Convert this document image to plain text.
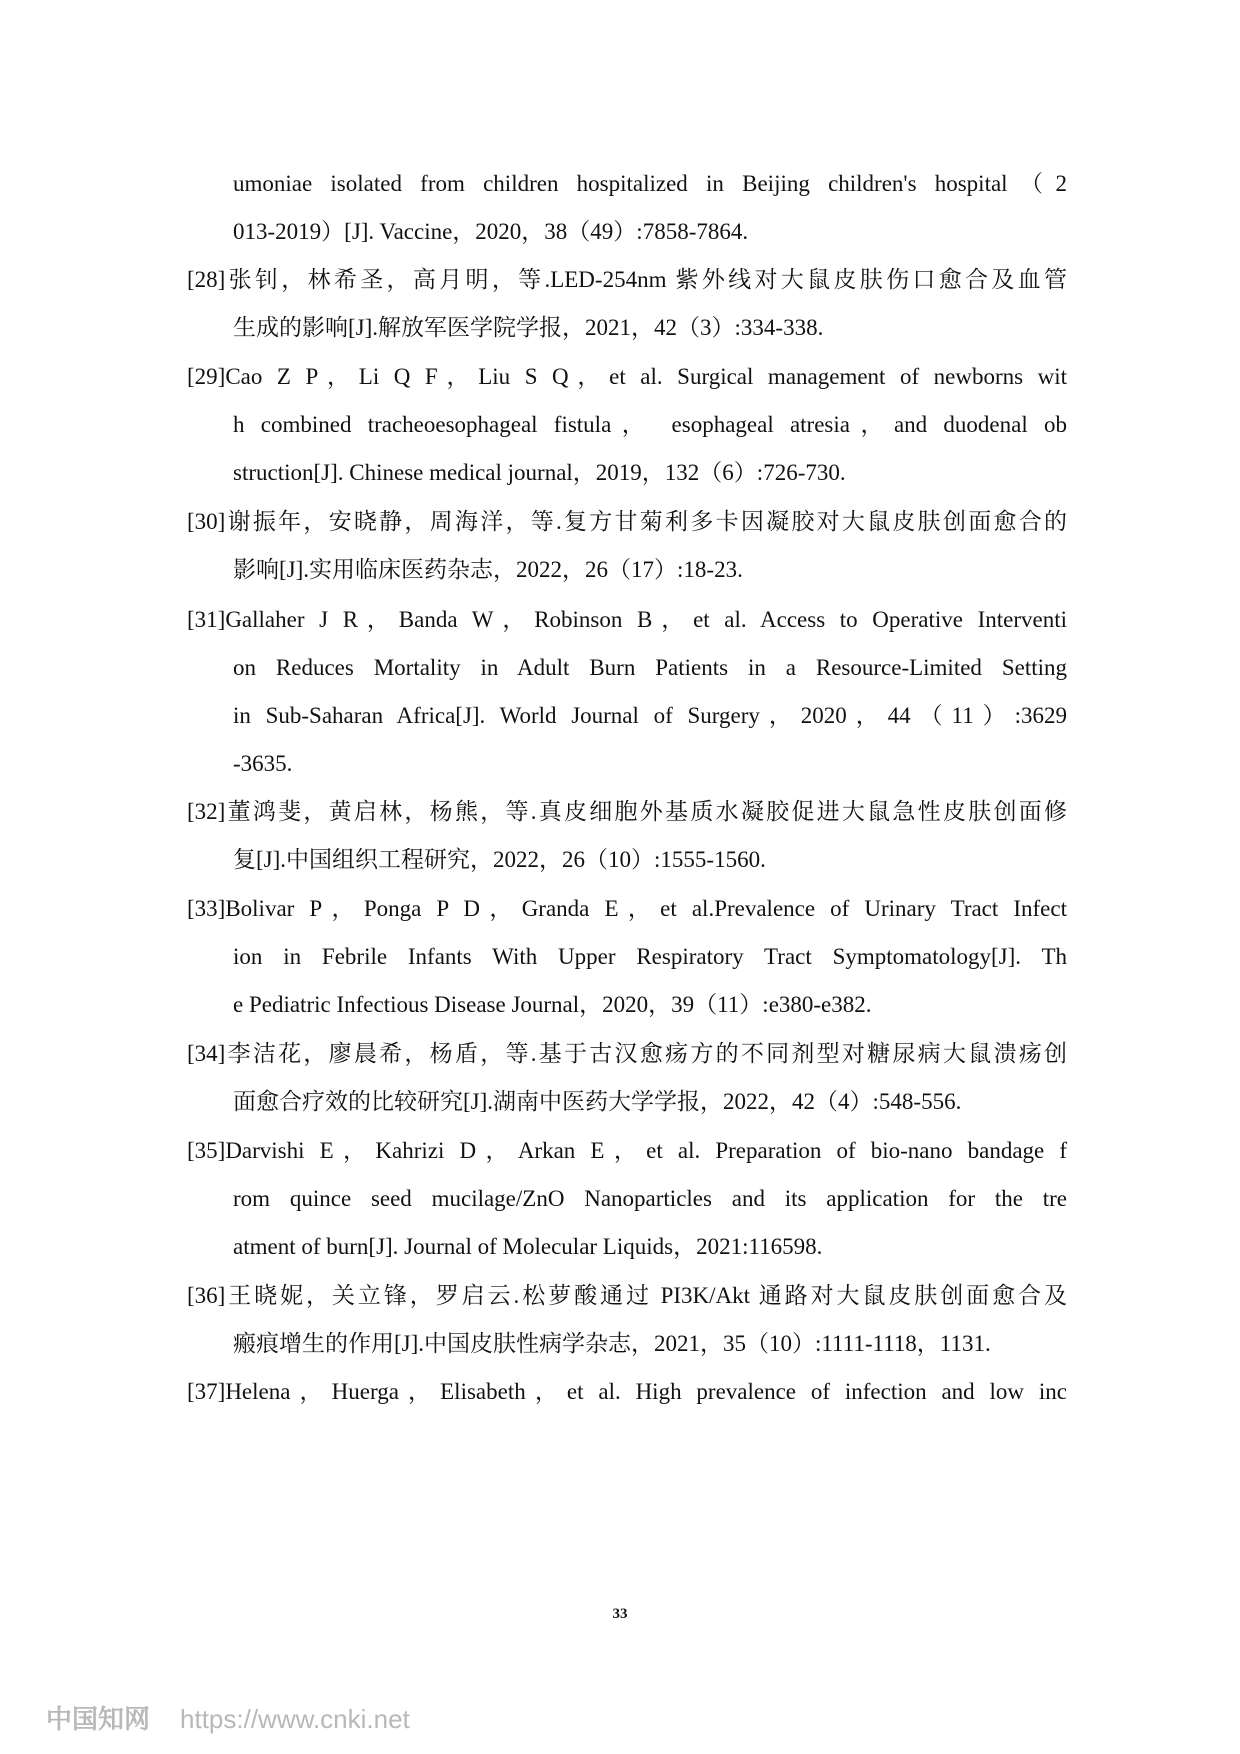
umoniae isolated from children hospitalized in Beijing children's hospital（2
013-2019）[J]. Vaccine，2020，38（49）:7858-7864.
[28]张钊，林希圣，高月明，等.LED-254nm 紫外线对大鼠皮肤伤口愈合及血管
生成的影响[J].解放军医学院学报，2021，42（3）:334-338.
[29]Cao Z P，Li Q F，Liu S Q，et al. Surgical management of newborns wit
h combined tracheoesophageal fistula， esophageal atresia，and duodenal ob
struction[J]. Chinese medical journal，2019，132（6）:726-730.
[30]谢振年，安晓静，周海洋，等.复方甘菊利多卡因凝胶对大鼠皮肤创面愈合的
影响[J].实用临床医药杂志，2022，26（17）:18-23.
[31]Gallaher J R，Banda W，Robinson B，et al. Access to Operative Interventi
on Reduces Mortality in Adult Burn Patients in a Resource-Limited Setting
in Sub-Saharan Africa[J]. World Journal of Surgery，2020，44（11）:3629
-3635.
[32]董鸿斐，黄启林，杨熊，等.真皮细胞外基质水凝胶促进大鼠急性皮肤创面修
复[J].中国组织工程研究，2022，26（10）:1555-1560.
[33]Bolivar P，Ponga P D，Granda E，et al.Prevalence of Urinary Tract Infect
ion in Febrile Infants With Upper Respiratory Tract Symptomatology[J]. Th
e Pediatric Infectious Disease Journal，2020，39（11）:e380-e382.
[34]李洁花，廖晨希，杨盾，等.基于古汉愈疡方的不同剂型对糖尿病大鼠溃疡创
面愈合疗效的比较研究[J].湖南中医药大学学报，2022，42（4）:548-556.
[35]Darvishi E，Kahrizi D，Arkan E，et al. Preparation of bio-nano bandage f
rom quince seed mucilage/ZnO Nanoparticles and its application for the tre
atment of burn[J]. Journal of Molecular Liquids，2021:116598.
[36]王晓妮，关立锋，罗启云.松萝酸通过 PI3K/Akt 通路对大鼠皮肤创面愈合及
瘢痕增生的作用[J].中国皮肤性病学杂志，2021，35（10）:1111-1118，1131.
[37]Helena，Huerga，Elisabeth，et al. High prevalence of infection and low inc
33
中国知网 https://www.cnki.net
